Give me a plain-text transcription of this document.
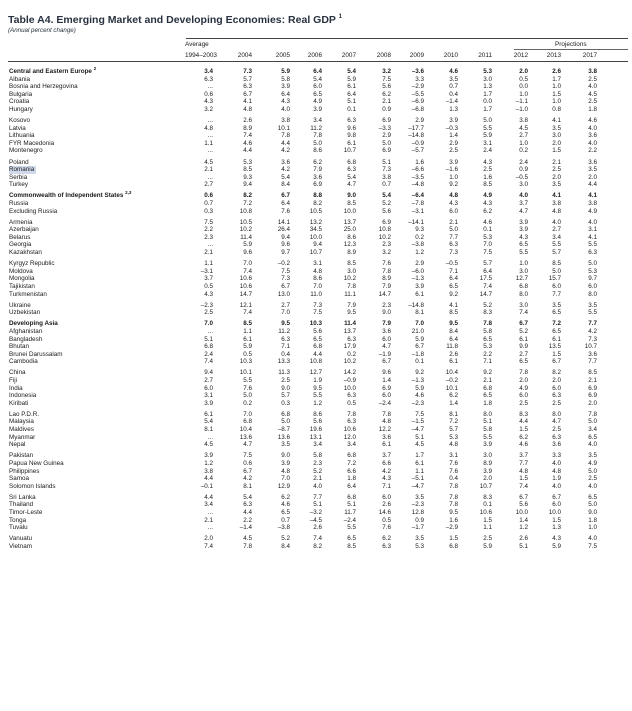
Table A4. Emerging Market and Developing Economies: Real GDP $^1$
(Annual percent change)
Average	Projections
1994–2003	2004	2005	2006	2007	2008	2009	2010	2011	2012	2013	2017
Central and Eastern Europe $^2$	3.4	7.3	5.9	6.4	5.4	3.2	–3.6	4.6	5.3	2.0	2.6	3.8
Albania	6.3	5.7	5.8	5.4	5.9	7.5	3.3	3.5	3.0	0.5	1.7	2.5
Bosnia and Herzegovina	...	6.3	3.9	6.0	6.1	5.6	–2.9	0.7	1.3	0.0	1.0	4.0
Bulgaria	0.6	6.7	6.4	6.5	6.4	6.2	–5.5	0.4	1.7	1.0	1.5	4.5
Croatia	4.3	4.1	4.3	4.9	5.1	2.1	–6.9	–1.4	0.0	–1.1	1.0	2.5
Hungary	3.2	4.8	4.0	3.9	0.1	0.9	–6.8	1.3	1.7	–1.0	0.8	1.8
Kosovo	...	2.6	3.8	3.4	6.3	6.9	2.9	3.9	5.0	3.8	4.1	4.6
Latvia	4.8	8.9	10.1	11.2	9.6	–3.3	–17.7	–0.3	5.5	4.5	3.5	4.0
Lithuania	...	7.4	7.8	7.8	9.8	2.9	–14.8	1.4	5.9	2.7	3.0	3.6
FYR Macedonia	1.1	4.6	4.4	5.0	6.1	5.0	–0.9	2.9	3.1	1.0	2.0	4.0
Montenegro	...	4.4	4.2	8.6	10.7	6.9	–5.7	2.5	2.4	0.2	1.5	2.2
Poland	4.5	5.3	3.6	6.2	6.8	5.1	1.6	3.9	4.3	2.4	2.1	3.6
Romania	2.1	8.5	4.2	7.9	6.3	7.3	–6.6	–1.6	2.5	0.9	2.5	3.5
Serbia	...	9.3	5.4	3.6	5.4	3.8	–3.5	1.0	1.6	–0.5	2.0	2.0
Turkey	2.7	9.4	8.4	6.9	4.7	0.7	–4.8	9.2	8.5	3.0	3.5	4.4
Commonwealth of Independent States $^{2,3}$	0.6	8.2	6.7	8.8	9.0	5.4	–6.4	4.8	4.9	4.0	4.1	4.1
Russia	0.7	7.2	6.4	8.2	8.5	5.2	–7.8	4.3	4.3	3.7	3.8	3.8
Excluding Russia	0.3	10.8	7.6	10.5	10.0	5.6	–3.1	6.0	6.2	4.7	4.8	4.9
Armenia	7.5	10.5	14.1	13.2	13.7	6.9	–14.1	2.1	4.6	3.9	4.0	4.0
Azerbaijan	2.2	10.2	26.4	34.5	25.0	10.8	9.3	5.0	0.1	3.9	2.7	3.1
Belarus	2.3	11.4	9.4	10.0	8.6	10.2	0.2	7.7	5.3	4.3	3.4	4.1
Georgia	...	5.9	9.6	9.4	12.3	2.3	–3.8	6.3	7.0	6.5	5.5	5.5
Kazakhstan	2.1	9.6	9.7	10.7	8.9	3.2	1.2	7.3	7.5	5.5	5.7	6.3
Kyrgyz Republic	1.1	7.0	–0.2	3.1	8.5	7.6	2.9	–0.5	5.7	1.0	8.5	5.0
Moldova	–3.1	7.4	7.5	4.8	3.0	7.8	–6.0	7.1	6.4	3.0	5.0	5.3
Mongolia	3.7	10.6	7.3	8.6	10.2	8.9	–1.3	6.4	17.5	12.7	15.7	9.7
Tajikistan	0.5	10.6	6.7	7.0	7.8	7.9	3.9	6.5	7.4	6.8	6.0	6.0
Turkmenistan	4.3	14.7	13.0	11.0	11.1	14.7	6.1	9.2	14.7	8.0	7.7	8.0
Ukraine	–2.3	12.1	2.7	7.3	7.9	2.3	–14.8	4.1	5.2	3.0	3.5	3.5
Uzbekistan	2.5	7.4	7.0	7.5	9.5	9.0	8.1	8.5	8.3	7.4	6.5	5.5
Developing Asia	7.0	8.5	9.5	10.3	11.4	7.9	7.0	9.5	7.8	6.7	7.2	7.7
Afghanistan	...	1.1	11.2	5.6	13.7	3.6	21.0	8.4	5.8	5.2	6.5	4.2
Bangladesh	5.1	6.1	6.3	6.5	6.3	6.0	5.9	6.4	6.5	6.1	6.1	7.3
Bhutan	6.8	5.9	7.1	6.8	17.9	4.7	6.7	11.8	5.3	9.9	13.5	10.7
Brunei Darussalam	2.4	0.5	0.4	4.4	0.2	–1.9	–1.8	2.6	2.2	2.7	1.5	3.6
Cambodia	7.4	10.3	13.3	10.8	10.2	6.7	0.1	6.1	7.1	6.5	6.7	7.7
China	9.4	10.1	11.3	12.7	14.2	9.6	9.2	10.4	9.2	7.8	8.2	8.5
Fiji	2.7	5.5	2.5	1.9	–0.9	1.4	–1.3	–0.2	2.1	2.0	2.0	2.1
India	6.0	7.6	9.0	9.5	10.0	6.9	5.9	10.1	6.8	4.9	6.0	6.9
Indonesia	3.1	5.0	5.7	5.5	6.3	6.0	4.6	6.2	6.5	6.0	6.3	6.9
Kiribati	3.9	0.2	0.3	1.2	0.5	–2.4	–2.3	1.4	1.8	2.5	2.5	2.0
Lao P.D.R.	6.1	7.0	6.8	8.6	7.8	7.8	7.5	8.1	8.0	8.3	8.0	7.8
Malaysia	5.4	6.8	5.0	5.6	6.3	4.8	–1.5	7.2	5.1	4.4	4.7	5.0
Maldives	8.1	10.4	–8.7	19.6	10.6	12.2	–4.7	5.7	5.8	1.5	2.5	3.4
Myanmar	...	13.6	13.6	13.1	12.0	3.6	5.1	5.3	5.5	6.2	6.3	6.5
Nepal	4.5	4.7	3.5	3.4	3.4	6.1	4.5	4.8	3.9	4.6	3.6	4.0
Pakistan	3.9	7.5	9.0	5.8	6.8	3.7	1.7	3.1	3.0	3.7	3.3	3.5
Papua New Guinea	1.2	0.6	3.9	2.3	7.2	6.6	6.1	7.6	8.9	7.7	4.0	4.9
Philippines	3.8	6.7	4.8	5.2	6.6	4.2	1.1	7.6	3.9	4.8	4.8	5.0
Samoa	4.4	4.2	7.0	2.1	1.8	4.3	–5.1	0.4	2.0	1.5	1.9	2.5
Solomon Islands	–0.1	8.1	12.9	4.0	6.4	7.1	–4.7	7.8	10.7	7.4	4.0	4.0
Sri Lanka	4.4	5.4	6.2	7.7	6.8	6.0	3.5	7.8	8.3	6.7	6.7	6.5
Thailand	3.4	6.3	4.6	5.1	5.1	2.6	–2.3	7.8	0.1	5.6	6.0	5.0
Timor-Leste	...	4.4	6.5	–3.2	11.7	14.6	12.8	9.5	10.6	10.0	10.0	9.0
Tonga	2.1	2.2	0.7	–4.5	–2.4	0.5	0.9	1.6	1.5	1.4	1.5	1.8
Tuvalu	...	–1.4	–3.8	2.6	5.5	7.6	–1.7	–2.9	1.1	1.2	1.3	1.0
Vanuatu	2.0	4.5	5.2	7.4	6.5	6.2	3.5	1.5	2.5	2.6	4.3	4.0
Vietnam	7.4	7.8	8.4	8.2	8.5	6.3	5.3	6.8	5.9	5.1	5.9	7.5
